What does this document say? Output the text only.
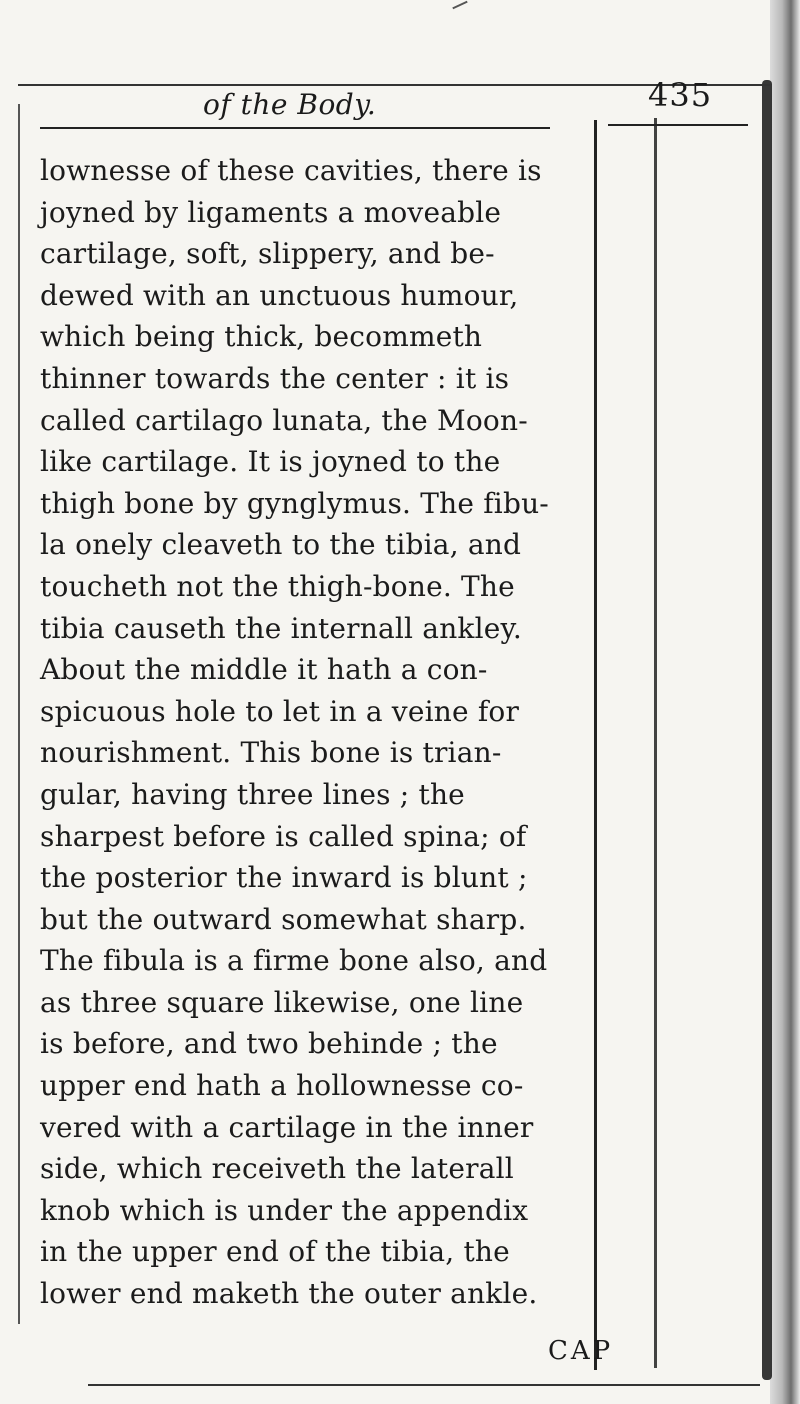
of the Body.	435
lownesse of these cavities, there is
joyned by ligaments a moveable
cartilage, soft, slippery, and be-
dewed with an unctuous humour,
which being thick, becommeth
thinner towards the center : it is
called cartilago lunata, the Moon-
like cartilage. It is joyned to the
thigh bone by gynglymus. The fibu-
la onely cleaveth to the tibia, and
toucheth not the thigh-bone. The
tibia causeth the internall ankley.
About the middle it hath a con-
spicuous hole to let in a veine for
nourishment. This bone is trian-
gular, having three lines ; the
sharpest before is called spina; of
the posterior the inward is blunt ;
but the outward somewhat sharp.
The fibula is a firme bone also, and
as three square likewise, one line
is before, and two behinde ; the
upper end hath a hollownesse co-
vered with a cartilage in the inner
side, which receiveth the laterall
knob which is under the appendix
in the upper end of the tibia, the
lower end maketh the outer ankle.
CAP
